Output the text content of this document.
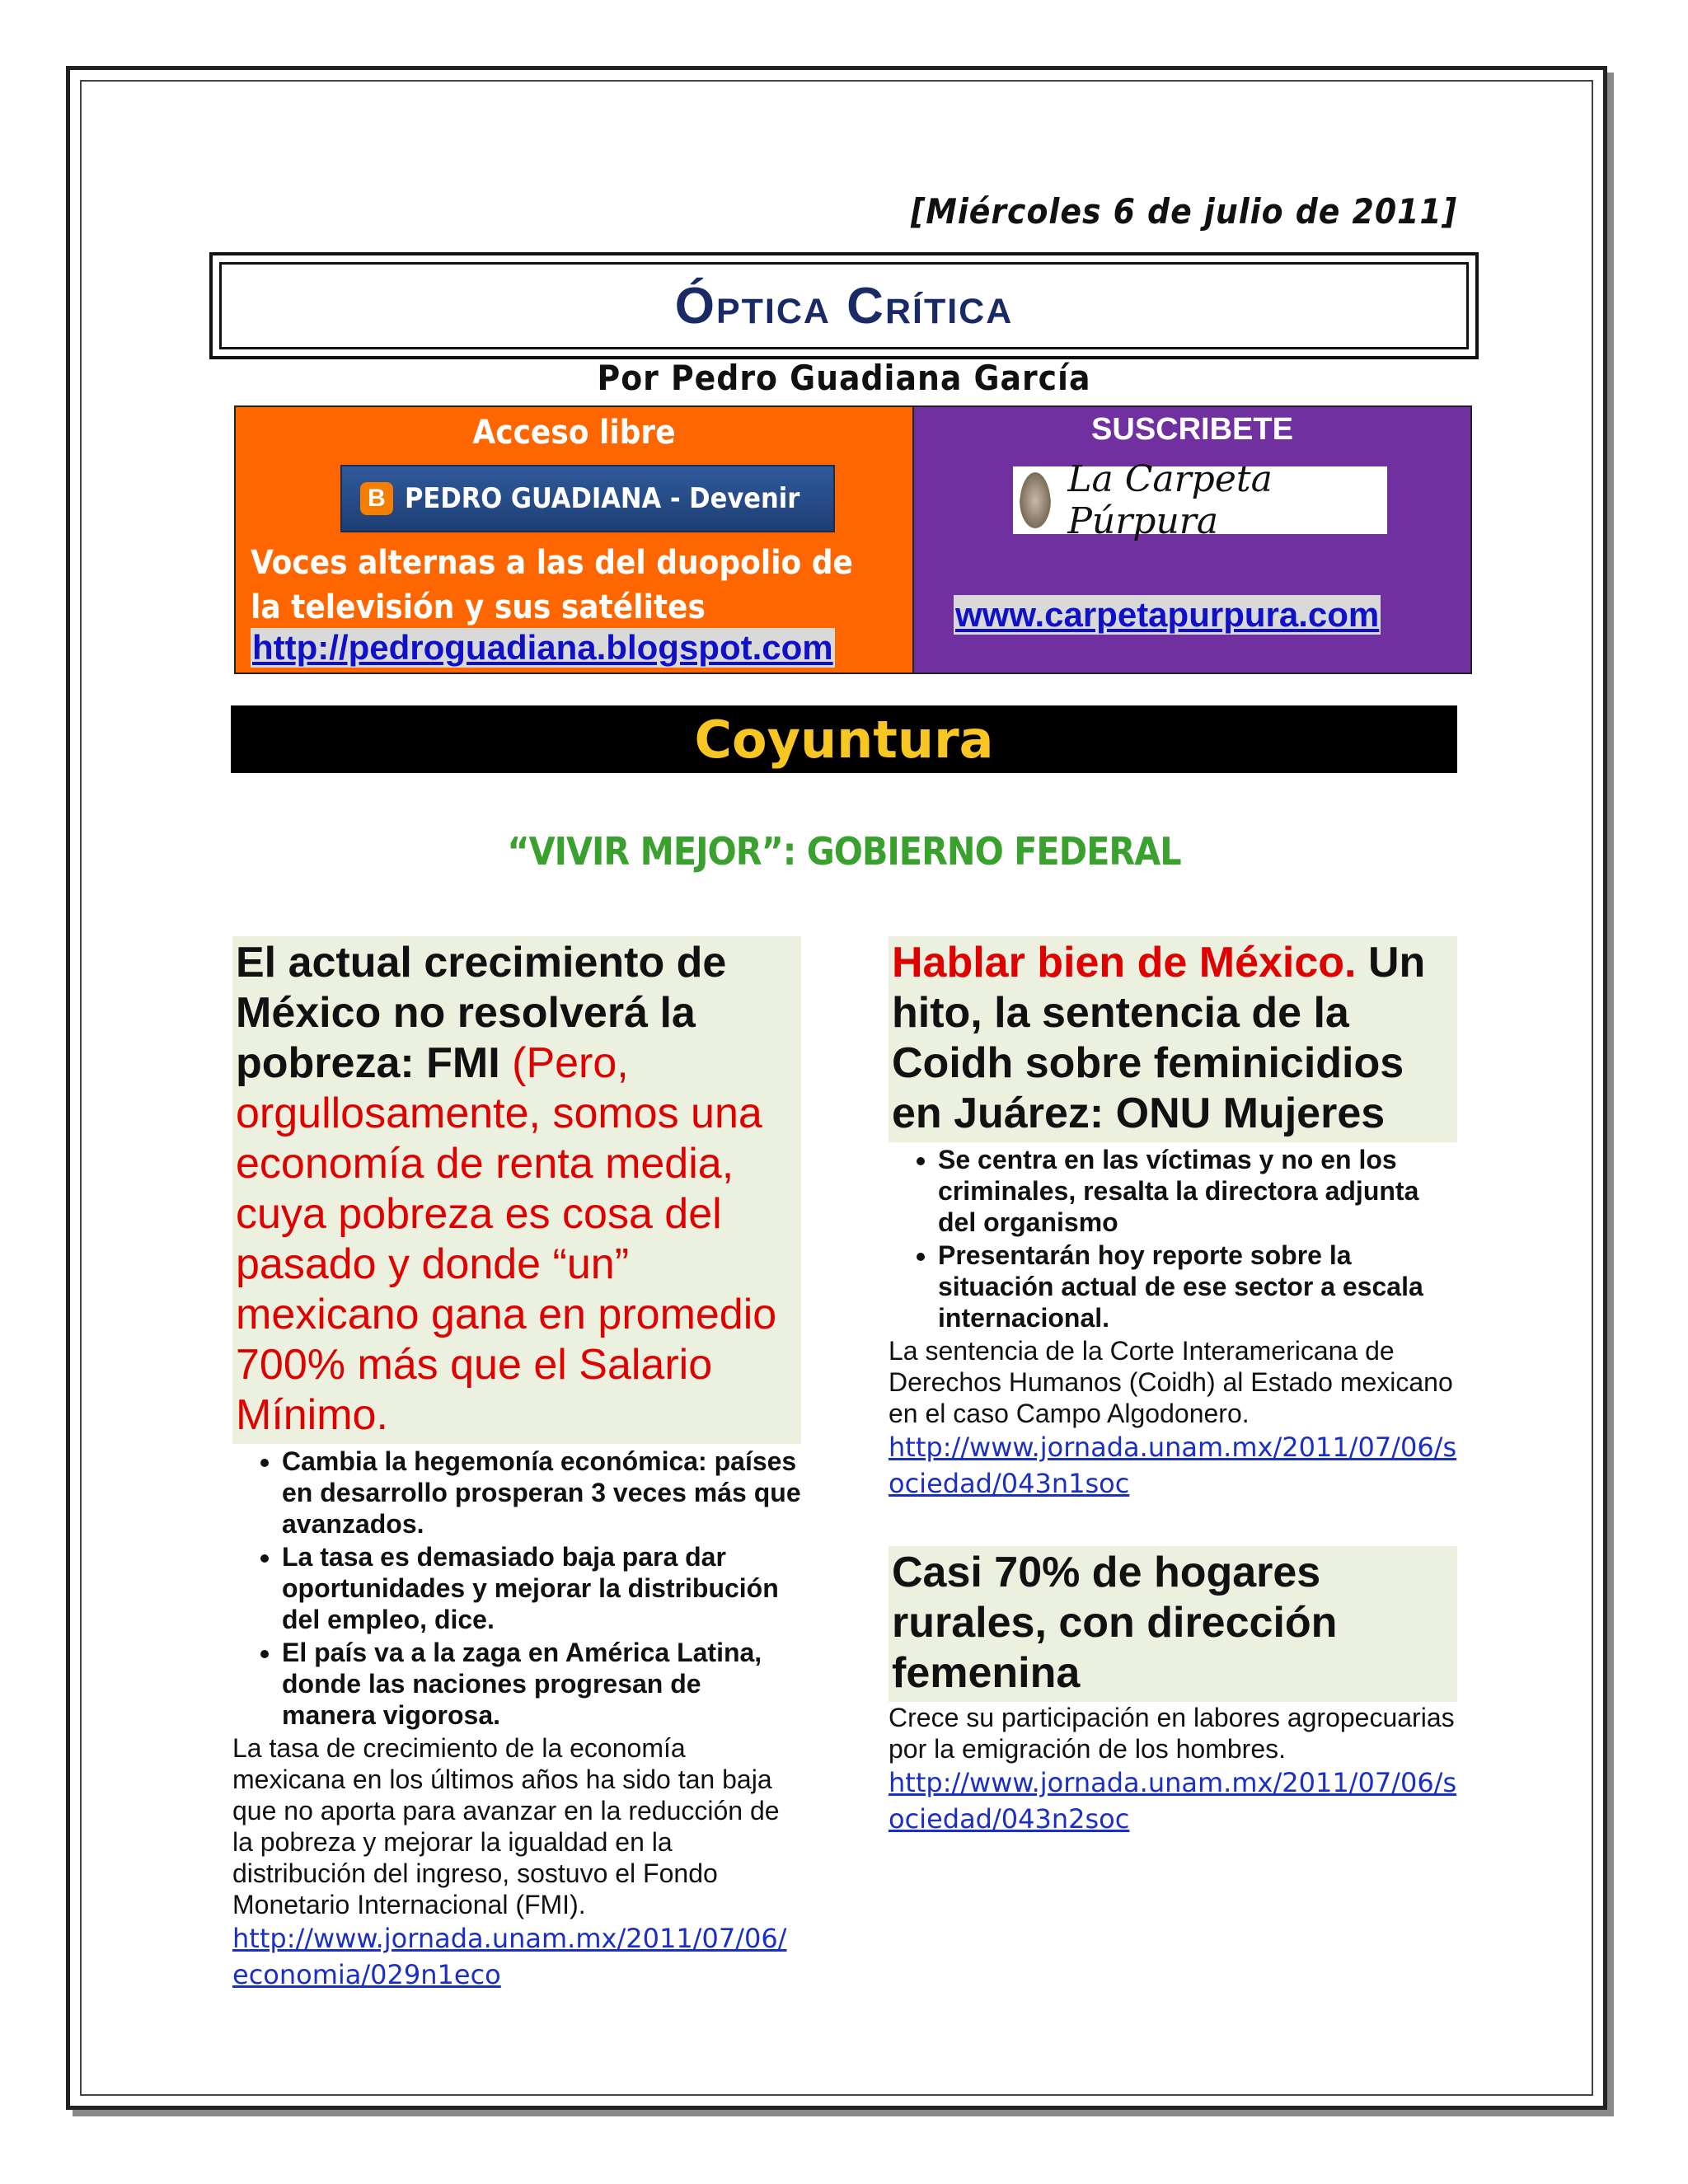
[Miércoles 6 de julio de 2011]
Óptica Crítica
Por Pedro Guadiana García
Acceso libre
B PEDRO GUADIANA - Devenir
Voces alternas a las del duopolio de la televisión y sus satélites
http://pedroguadiana.blogspot.com
SUSCRIBETE
La Carpeta Púrpura
www.carpetapurpura.com
Coyuntura
“VIVIR MEJOR”: GOBIERNO FEDERAL
El actual crecimiento de México no resolverá la pobreza: FMI (Pero, orgullosamente, somos una economía de renta media, cuya pobreza es cosa del pasado y donde “un” mexicano gana en promedio 700% más que el Salario Mínimo.
• Cambia la hegemonía económica: países en desarrollo prosperan 3 veces más que avanzados.
• La tasa es demasiado baja para dar oportunidades y mejorar la distribución del empleo, dice.
• El país va a la zaga en América Latina, donde las naciones progresan de manera vigorosa.
La tasa de crecimiento de la economía mexicana en los últimos años ha sido tan baja que no aporta para avanzar en la reducción de la pobreza y mejorar la igualdad en la distribución del ingreso, sostuvo el Fondo Monetario Internacional (FMI).
http://www.jornada.unam.mx/2011/07/06/economia/029n1eco
Hablar bien de México. Un hito, la sentencia de la Coidh sobre feminicidios en Juárez: ONU Mujeres
• Se centra en las víctimas y no en los criminales, resalta la directora adjunta del organismo
• Presentarán hoy reporte sobre la situación actual de ese sector a escala internacional.
La sentencia de la Corte Interamericana de Derechos Humanos (Coidh) al Estado mexicano en el caso Campo Algodonero.
http://www.jornada.unam.mx/2011/07/06/sociedad/043n1soc
Casi 70% de hogares rurales, con dirección femenina
Crece su participación en labores agropecuarias por la emigración de los hombres.
http://www.jornada.unam.mx/2011/07/06/sociedad/043n2soc
